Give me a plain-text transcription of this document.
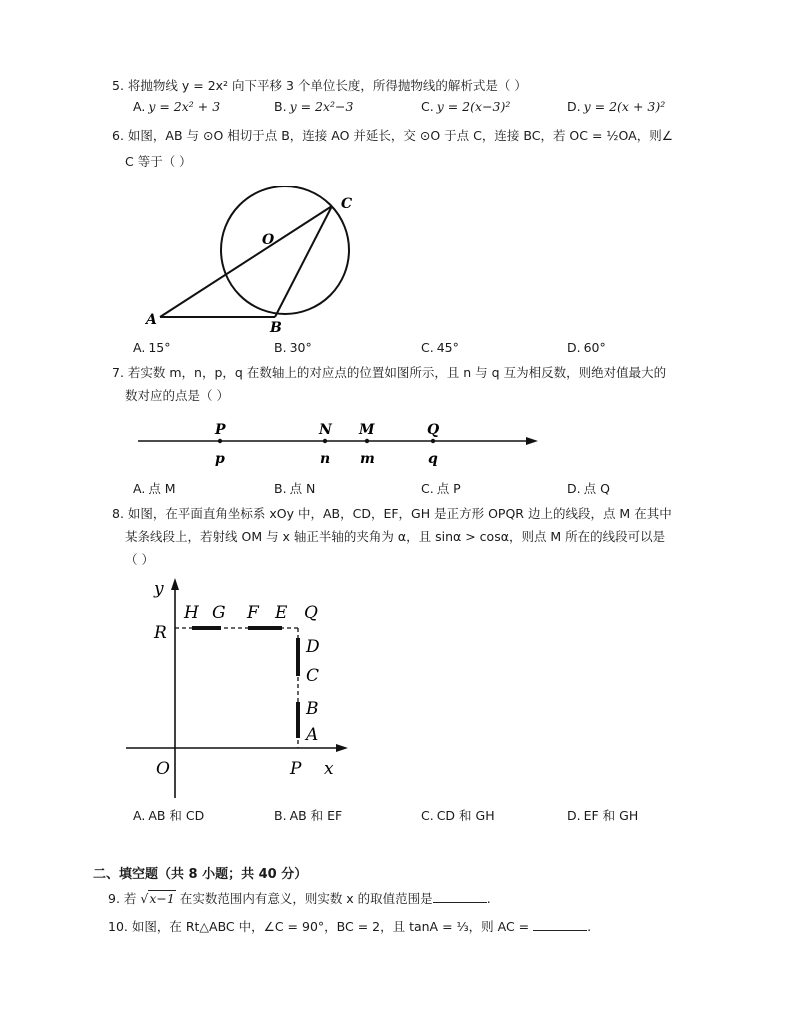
5. 将抛物线 y = 2x² 向下平移 3 个单位长度，所得抛物线的解析式是（ ）
A. y = 2x² + 3	B. y = 2x²−3	C. y = 2(x−3)²	D. y = 2(x + 3)²
6. 如图，AB 与 ⊙O 相切于点 B，连接 AO 并延长，交 ⊙O 于点 C，连接 BC，若 OC = ½OA，则∠
C 等于（ ）
O
C
A	B
A. 15°	B. 30°	C. 45°	D. 60°
7. 若实数 m，n，p，q 在数轴上的对应点的位置如图所示，且 n 与 q 互为相反数，则绝对值最大的
数对应的点是（ ）
P	N M	Q
p	n m	q
A. 点 M	B. 点 N	C. 点 P	D. 点 Q
8. 如图，在平面直角坐标系 xOy 中，AB，CD，EF，GH 是正方形 OPQR 边上的线段，点 M 在其中
某条线段上，若射线 OM 与 x 轴正半轴的夹角为 α，且 sinα > cosα，则点 M 所在的线段可以是
（ ）
y
R
H G F E Q
D
C
B
A
O	P x
A. AB 和 CD	B. AB 和 EF	C. CD 和 GH	D. EF 和 GH
二、填空题（共 8 小题；共 40 分）
9. 若 √x−1 在实数范围内有意义，则实数 x 的取值范围是	.
10. 如图，在 Rt△ABC 中，∠C = 90°，BC = 2，且 tanA = ⅓，则 AC =	.
